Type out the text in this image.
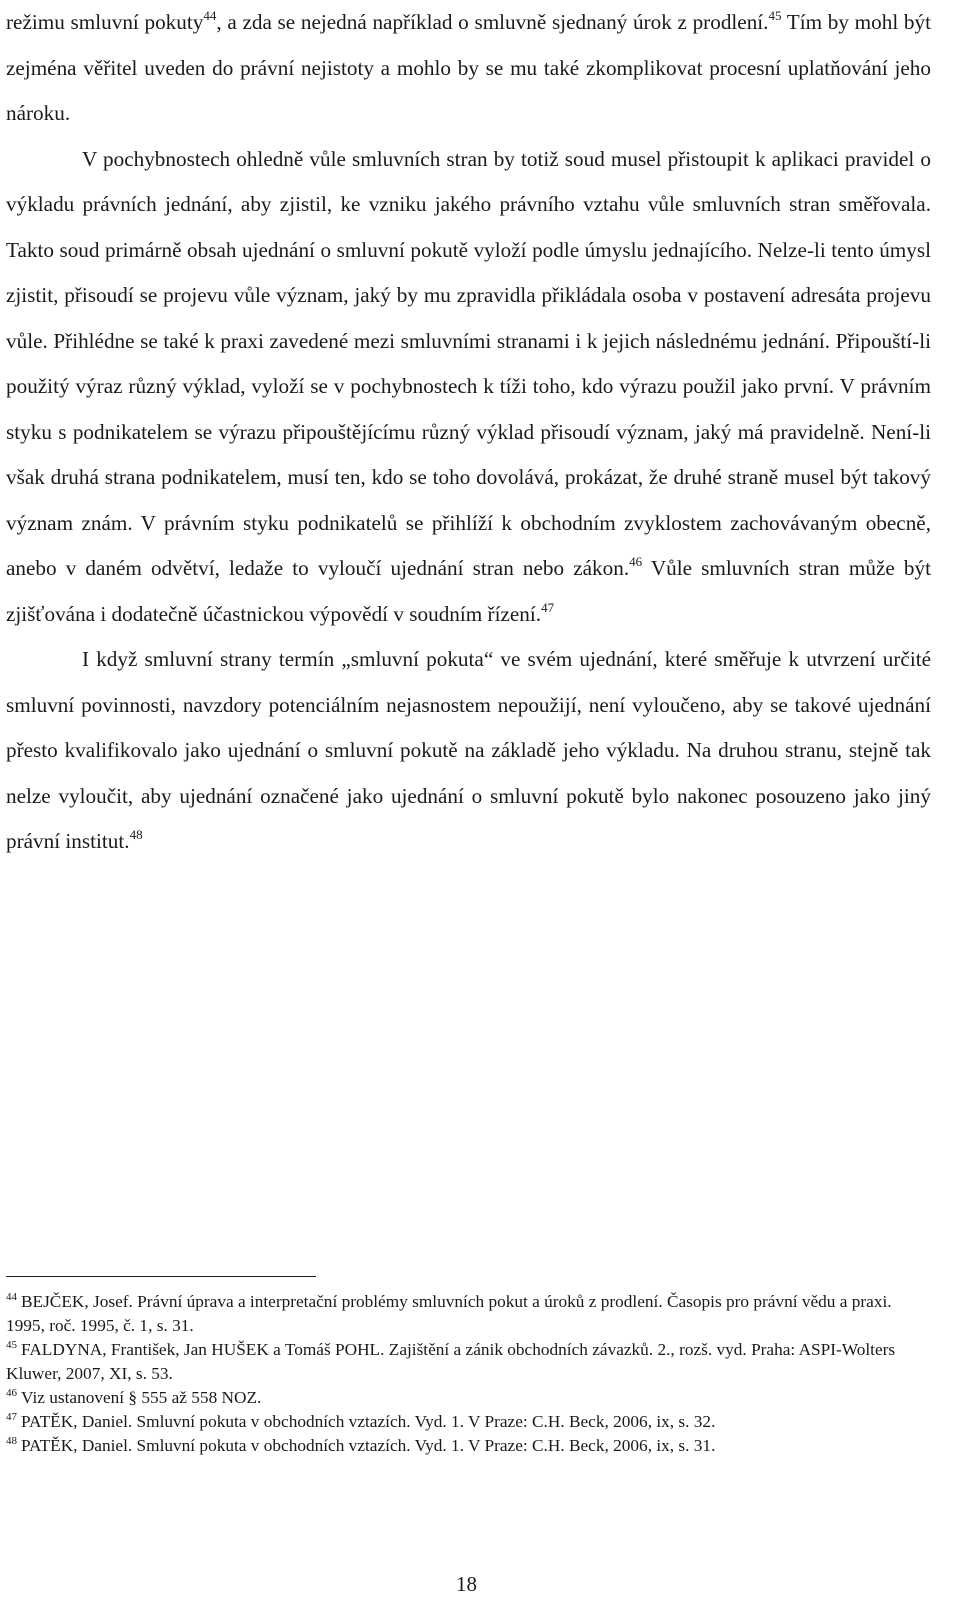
režimu smluvní pokuty$^{44}$, a zda se nejedná například o smluvně sjednaný úrok z prodlení.$^{45}$ Tím by mohl být zejména věřitel uveden do právní nejistoty a mohlo by se mu také zkomplikovat procesní uplatňování jeho nároku.

V pochybnostech ohledně vůle smluvních stran by totiž soud musel přistoupit k aplikaci pravidel o výkladu právních jednání, aby zjistil, ke vzniku jakého právního vztahu vůle smluvních stran směřovala. Takto soud primárně obsah ujednání o smluvní pokutě vyloží podle úmyslu jednajícího. Nelze-li tento úmysl zjistit, přisoudí se projevu vůle význam, jaký by mu zpravidla přikládala osoba v postavení adresáta projevu vůle. Přihlédne se také k praxi zavedené mezi smluvními stranami i k jejich následnému jednání. Připouští-li použitý výraz různý výklad, vyloží se v pochybnostech k tíži toho, kdo výrazu použil jako první. V právním styku s podnikatelem se výrazu připouštějícímu různý výklad přisoudí význam, jaký má pravidelně. Není-li však druhá strana podnikatelem, musí ten, kdo se toho dovolává, prokázat, že druhé straně musel být takový význam znám. V právním styku podnikatelů se přihlíží k obchodním zvyklostem zachovávaným obecně, anebo v daném odvětví, ledaže to vyloučí ujednání stran nebo zákon.$^{46}$ Vůle smluvních stran může být zjišťována i dodatečně účastnickou výpovědí v soudním řízení.$^{47}$

I když smluvní strany termín „smluvní pokuta“ ve svém ujednání, které směřuje k utvrzení určité smluvní povinnosti, navzdory potenciálním nejasnostem nepoužijí, není vyloučeno, aby se takové ujednání přesto kvalifikovalo jako ujednání o smluvní pokutě na základě jeho výkladu. Na druhou stranu, stejně tak nelze vyloučit, aby ujednání označené jako ujednání o smluvní pokutě bylo nakonec posouzeno jako jiný právní institut.$^{48}$

$^{44}$ BEJČEK, Josef. Právní úprava a interpretační problémy smluvních pokut a úroků z prodlení. Časopis pro právní vědu a praxi. 1995, roč. 1995, č. 1, s. 31.
$^{45}$ FALDYNA, František, Jan HUŠEK a Tomáš POHL. Zajištění a zánik obchodních závazků. 2., rozš. vyd. Praha: ASPI-Wolters Kluwer, 2007, XI, s. 53.
$^{46}$ Viz ustanovení § 555 až 558 NOZ.
$^{47}$ PATĚK, Daniel. Smluvní pokuta v obchodních vztazích. Vyd. 1. V Praze: C.H. Beck, 2006, ix, s. 32.
$^{48}$ PATĚK, Daniel. Smluvní pokuta v obchodních vztazích. Vyd. 1. V Praze: C.H. Beck, 2006, ix, s. 31.
18
